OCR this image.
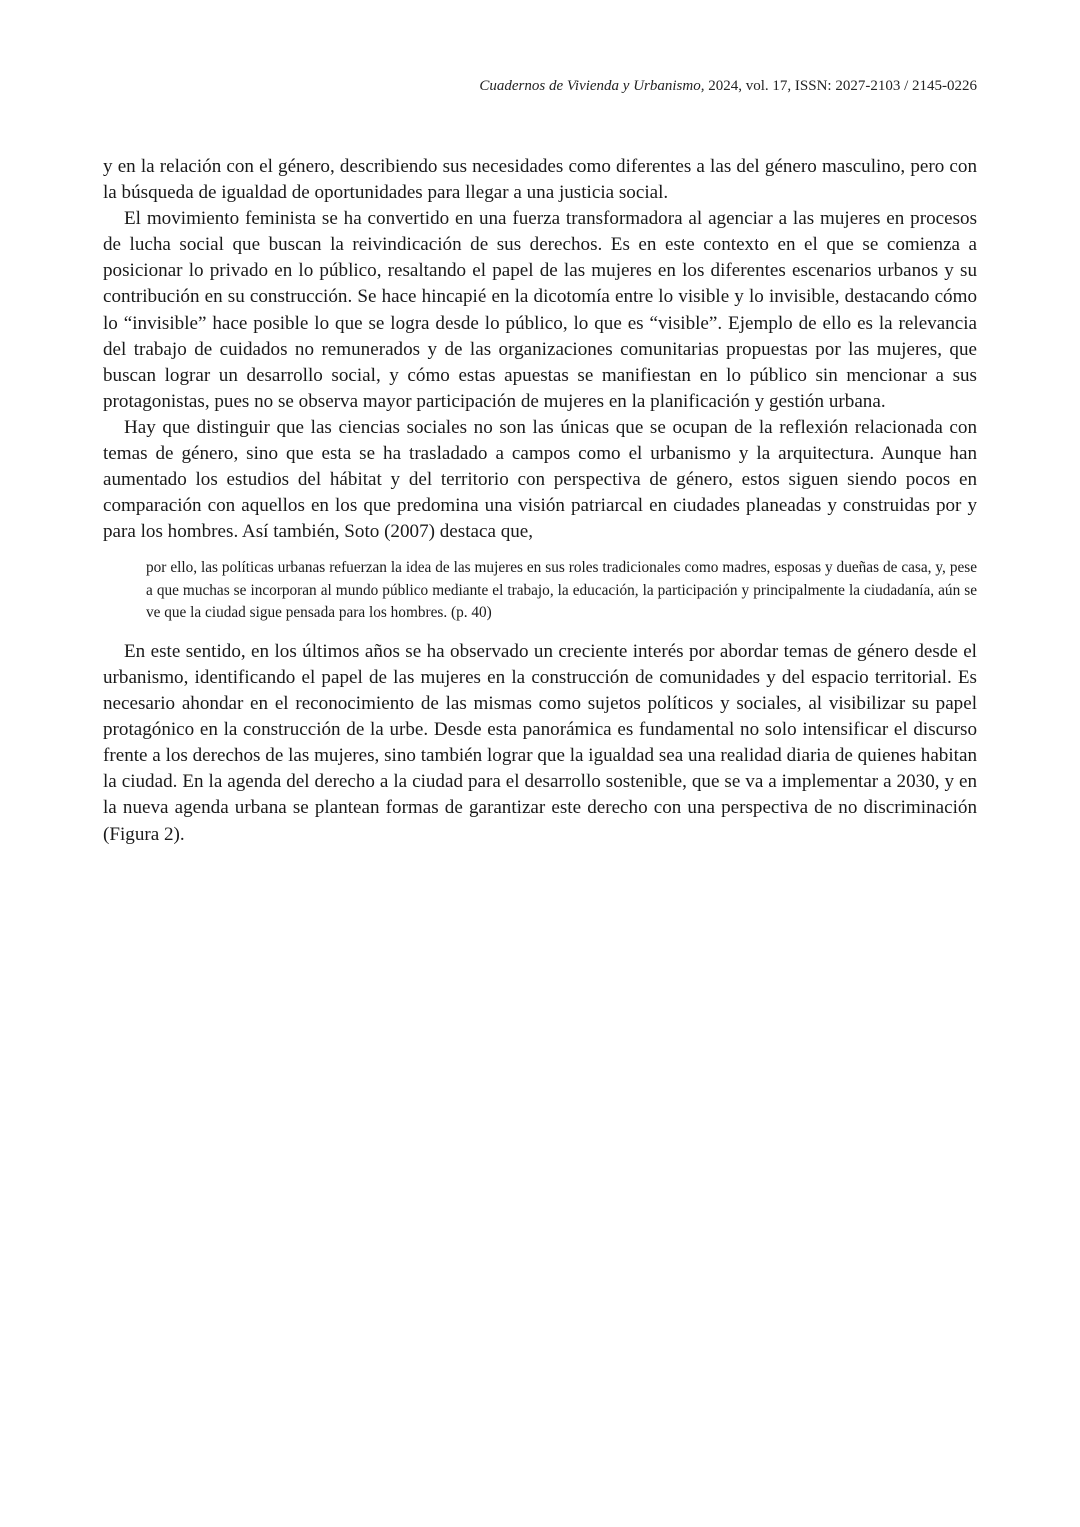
Cuadernos de Vivienda y Urbanismo, 2024, vol. 17, ISSN: 2027-2103 / 2145-0226

y en la relación con el género, describiendo sus necesidades como diferentes a las del género masculino, pero con la búsqueda de igualdad de oportunidades para llegar a una justicia social.

El movimiento feminista se ha convertido en una fuerza transformadora al agenciar a las mujeres en procesos de lucha social que buscan la reivindicación de sus derechos. Es en este contexto en el que se comienza a posicionar lo privado en lo público, resaltando el papel de las mujeres en los diferentes escenarios urbanos y su contribución en su construcción. Se hace hincapié en la dicotomía entre lo visible y lo invisible, destacando cómo lo “invisible” hace posible lo que se logra desde lo público, lo que es “visible”. Ejemplo de ello es la relevancia del trabajo de cuidados no remunerados y de las organizaciones comunitarias propuestas por las mujeres, que buscan lograr un desarrollo social, y cómo estas apuestas se manifiestan en lo público sin mencionar a sus protagonistas, pues no se observa mayor participación de mujeres en la planificación y gestión urbana.

Hay que distinguir que las ciencias sociales no son las únicas que se ocupan de la reflexión relacionada con temas de género, sino que esta se ha trasladado a campos como el urbanismo y la arquitectura. Aunque han aumentado los estudios del hábitat y del territorio con perspectiva de género, estos siguen siendo pocos en comparación con aquellos en los que predomina una visión patriarcal en ciudades planeadas y construidas por y para los hombres. Así también, Soto (2007) destaca que,

por ello, las políticas urbanas refuerzan la idea de las mujeres en sus roles tradicionales como madres, esposas y dueñas de casa, y, pese a que muchas se incorporan al mundo público mediante el trabajo, la educación, la participación y principalmente la ciudadanía, aún se ve que la ciudad sigue pensada para los hombres. (p. 40)

En este sentido, en los últimos años se ha observado un creciente interés por abordar temas de género desde el urbanismo, identificando el papel de las mujeres en la construcción de comunidades y del espacio territorial. Es necesario ahondar en el reconocimiento de las mismas como sujetos políticos y sociales, al visibilizar su papel protagónico en la construcción de la urbe. Desde esta panorámica es fundamental no solo intensificar el discurso frente a los derechos de las mujeres, sino también lograr que la igualdad sea una realidad diaria de quienes habitan la ciudad. En la agenda del derecho a la ciudad para el desarrollo sostenible, que se va a implementar a 2030, y en la nueva agenda urbana se plantean formas de garantizar este derecho con una perspectiva de no discriminación (Figura 2).
